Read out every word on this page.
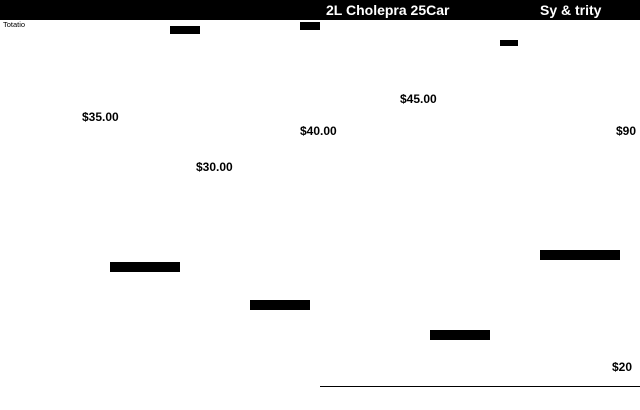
2L Cholepra 25Car	Sy & trity
Totatio
$35.00
$30.00
$40.00
$45.00
$90
$20
